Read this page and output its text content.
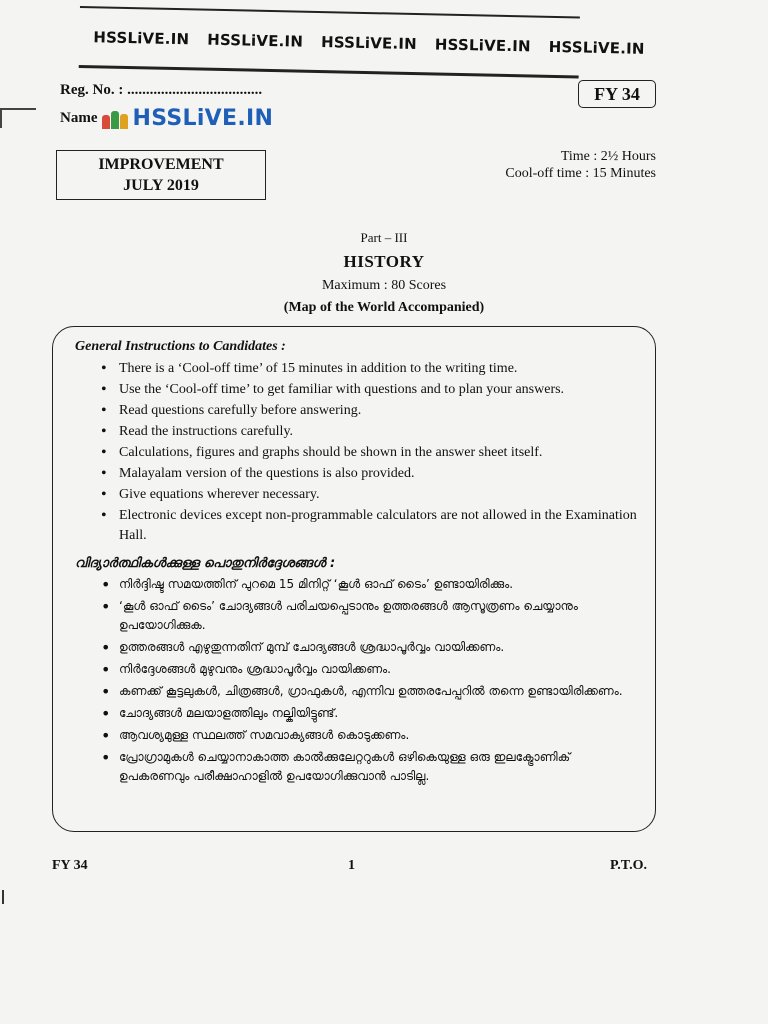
HSSLiVE.IN HSSLiVE.IN HSSLiVE.IN HSSLiVE.IN HSSLiVE.IN
Reg. No. : ....................................
Name HSSLiVE.IN
FY 34
IMPROVEMENT
JULY 2019
Time : 2½ Hours
Cool-off time : 15 Minutes
Part – III
HISTORY
Maximum : 80 Scores
(Map of the World Accompanied)
General Instructions to Candidates :
• There is a ‘Cool-off time’ of 15 minutes in addition to the writing time.
• Use the ‘Cool-off time’ to get familiar with questions and to plan your answers.
• Read questions carefully before answering.
• Read the instructions carefully.
• Calculations, figures and graphs should be shown in the answer sheet itself.
• Malayalam version of the questions is also provided.
• Give equations wherever necessary.
• Electronic devices except non-programmable calculators are not allowed in the Examination Hall.
വിദ്യാർത്ഥികൾക്കുള്ള പൊതുനിർദ്ദേശങ്ങൾ :
• നിർദ്ദിഷ്ട സമയത്തിന് പുറമെ 15 മിനിറ്റ് ‘കൂൾ ഓഫ് ടൈം’ ഉണ്ടായിരിക്കും.
• ‘കൂൾ ഓഫ് ടൈം’ ചോദ്യങ്ങൾ പരിചയപ്പെടാനും ഉത്തരങ്ങൾ ആസൂത്രണം ചെയ്യാനും ഉപയോഗിക്കുക.
• ഉത്തരങ്ങൾ എഴുതുന്നതിന് മുമ്പ് ചോദ്യങ്ങൾ ശ്രദ്ധാപൂർവ്വം വായിക്കണം.
• നിർദ്ദേശങ്ങൾ മുഴുവനും ശ്രദ്ധാപൂർവ്വം വായിക്കണം.
• കണക്ക് കൂട്ടലുകൾ, ചിത്രങ്ങൾ, ഗ്രാഫുകൾ, എന്നിവ ഉത്തരപേപ്പറിൽ തന്നെ ഉണ്ടായിരിക്കണം.
• ചോദ്യങ്ങൾ മലയാളത്തിലും നല്കിയിട്ടുണ്ട്.
• ആവശ്യമുള്ള സ്ഥലത്ത് സമവാക്യങ്ങൾ കൊടുക്കണം.
• പ്രോഗ്രാമുകൾ ചെയ്യാനാകാത്ത കാൽക്കുലേറ്ററുകൾ ഒഴികെയുള്ള ഒരു ഇലക്ട്രോണിക് ഉപകരണവും പരീക്ഷാഹാളിൽ ഉപയോഗിക്കുവാൻ പാടില്ല.
FY 34	1	P.T.O.
